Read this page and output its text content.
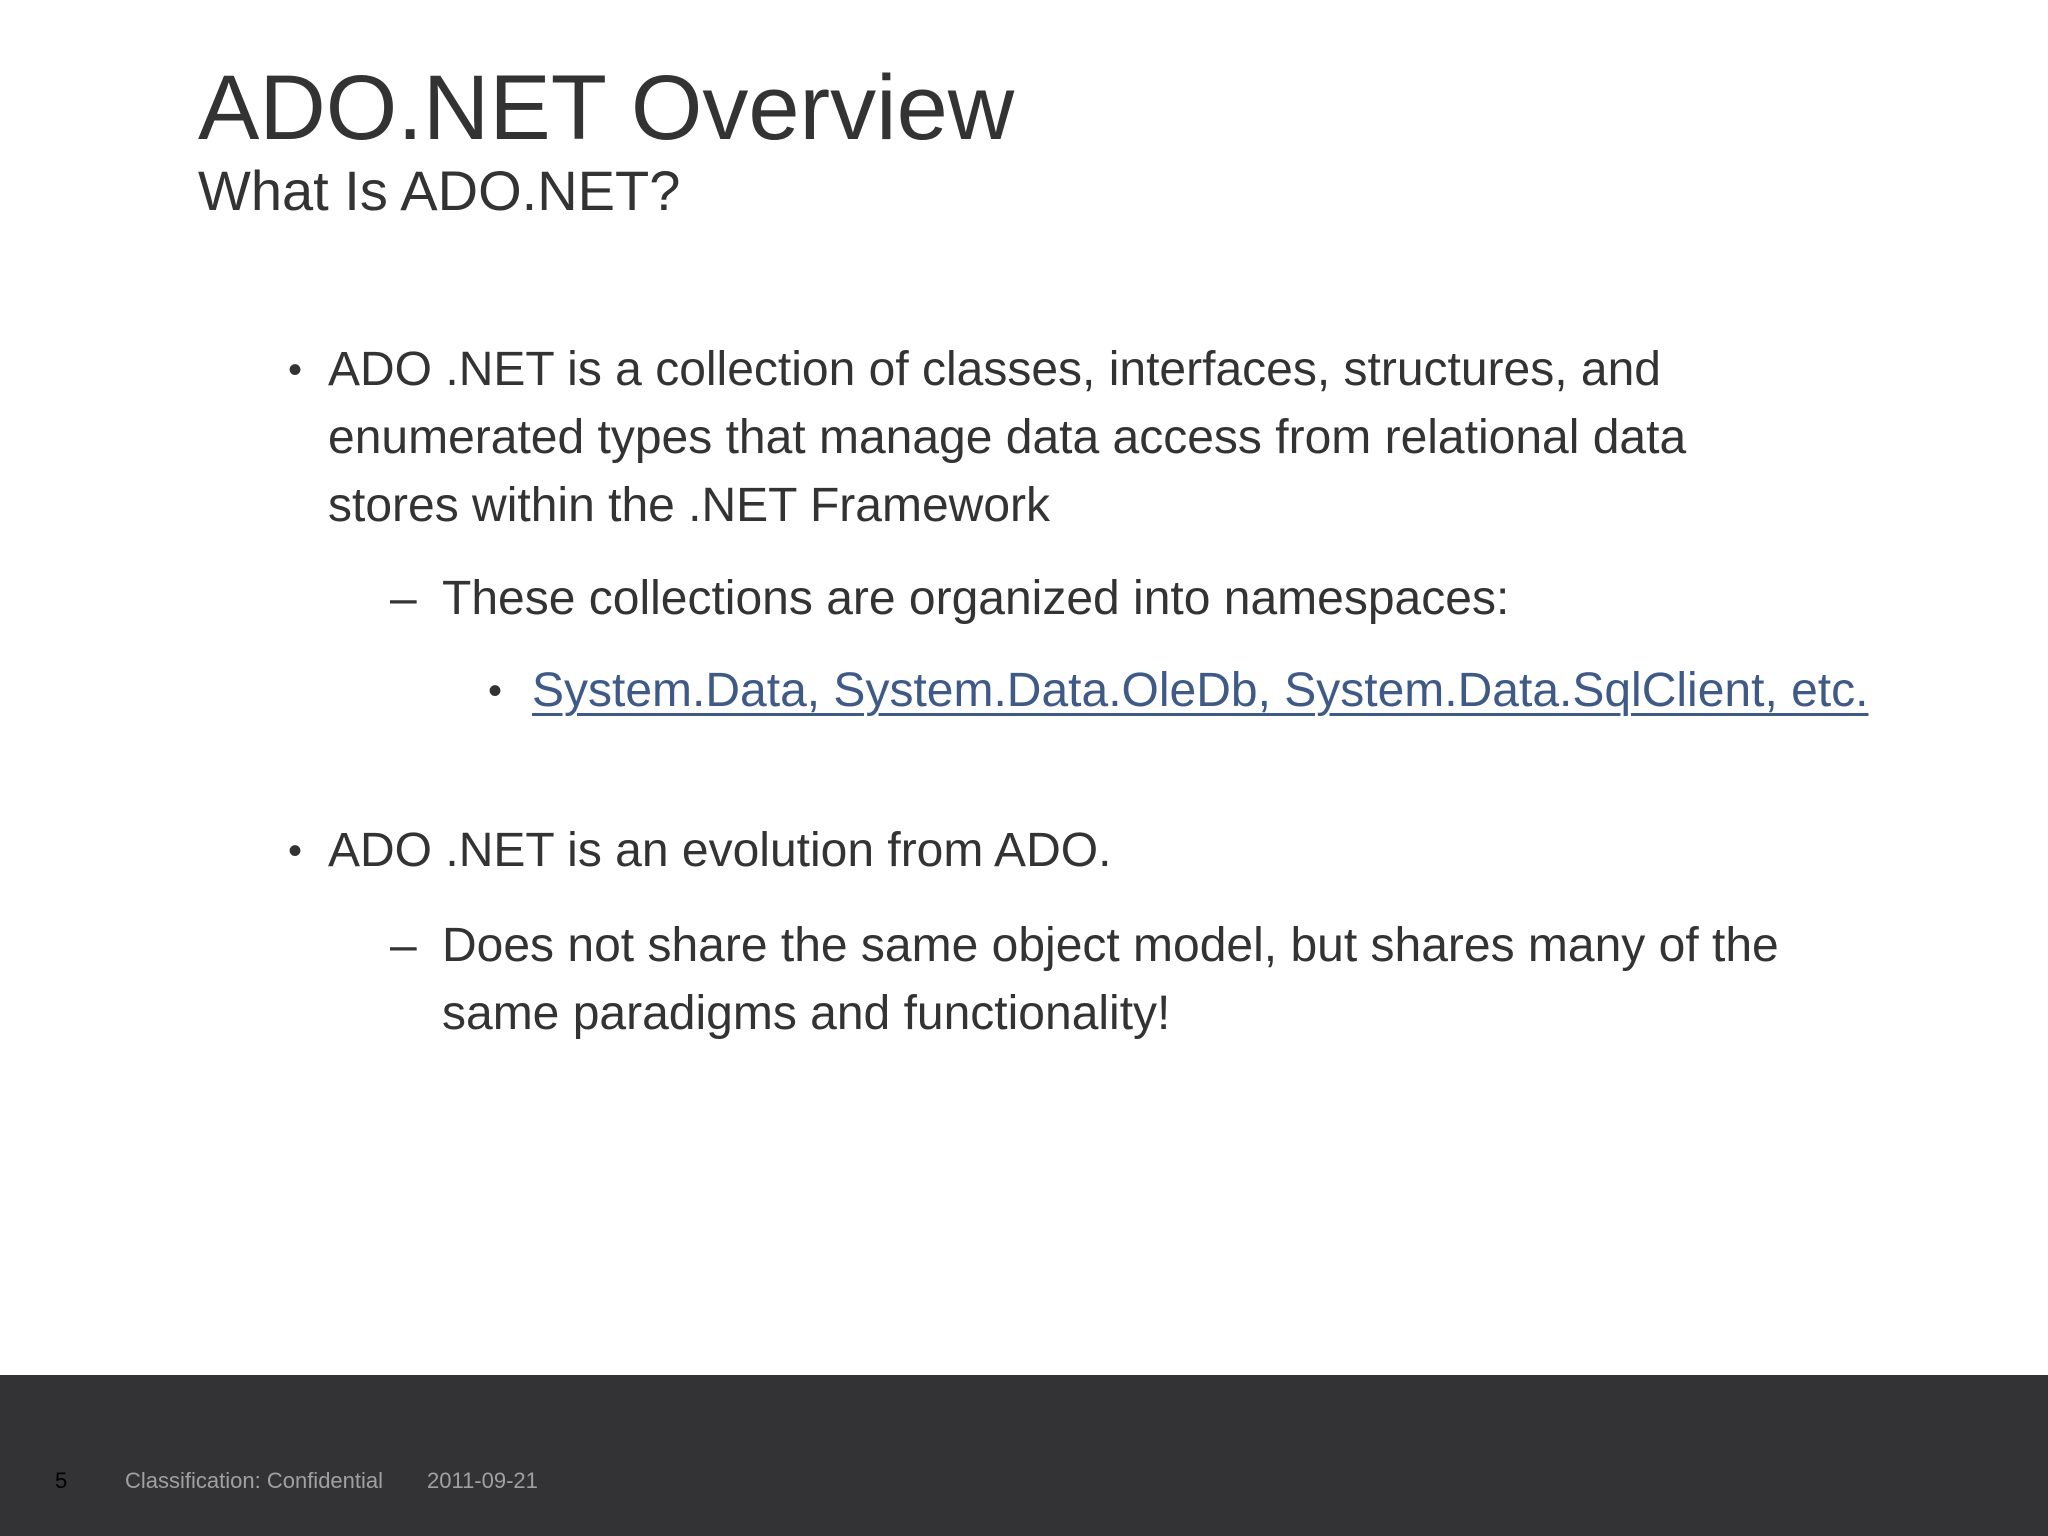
ADO.NET Overview
What Is ADO.NET?
• ADO .NET is a collection of classes, interfaces, structures, and enumerated types that manage data access from relational data stores within the .NET Framework
– These collections are organized into namespaces:
• System.Data, System.Data.OleDb, System.Data.SqlClient, etc.
• ADO .NET is an evolution from ADO.
– Does not share the same object model, but shares many of the same paradigms and functionality!
5	Classification: Confidential 2011-09-21
